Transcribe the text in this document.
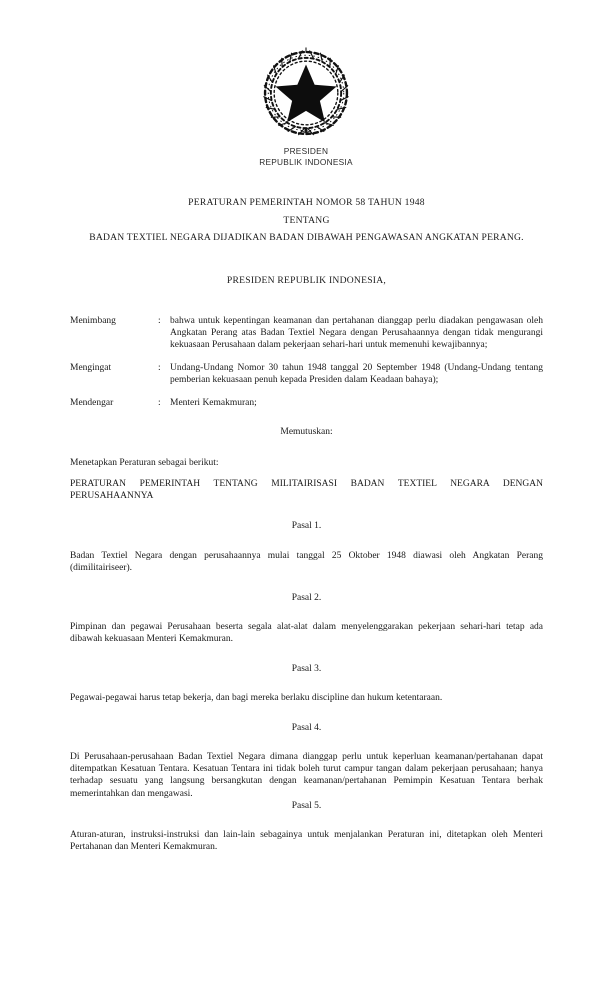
PRESIDEN
REPUBLIK INDONESIA
PERATURAN PEMERINTAH NOMOR 58 TAHUN 1948
TENTANG
BADAN TEXTIEL NEGARA DIJADIKAN BADAN DIBAWAH PENGAWASAN ANGKATAN PERANG.
PRESIDEN REPUBLIK INDONESIA,
Menimbang	: bahwa untuk kepentingan keamanan dan pertahanan dianggap perlu diadakan pengawasan oleh Angkatan Perang atas Badan Textiel Negara dengan Perusahaannya dengan tidak mengurangi kekuasaan Perusahaan dalam pekerjaan sehari-hari untuk memenuhi kewajibannya;
Mengingat	: Undang-Undang Nomor 30 tahun 1948 tanggal 20 September 1948 (Undang-Undang tentang pemberian kekuasaan penuh kepada Presiden dalam Keadaan bahaya);
Mendengar	: Menteri Kemakmuran;
Memutuskan:
Menetapkan Peraturan sebagai berikut:
PERATURAN PEMERINTAH TENTANG MILITAIRISASI BADAN TEXTIEL NEGARA DENGAN PERUSAHAANNYA
Pasal 1.
Badan Textiel Negara dengan perusahaannya mulai tanggal 25 Oktober 1948 diawasi oleh Angkatan Perang (dimilitairiseer).
Pasal 2.
Pimpinan dan pegawai Perusahaan beserta segala alat-alat dalam menyelenggarakan pekerjaan sehari-hari tetap ada dibawah kekuasaan Menteri Kemakmuran.
Pasal 3.
Pegawai-pegawai harus tetap bekerja, dan bagi mereka berlaku discipline dan hukum ketentaraan.
Pasal 4.
Di Perusahaan-perusahaan Badan Textiel Negara dimana dianggap perlu untuk keperluan keamanan/pertahanan dapat ditempatkan Kesatuan Tentara. Kesatuan Tentara ini tidak boleh turut campur tangan dalam pekerjaan perusahaan; hanya terhadap sesuatu yang langsung bersangkutan dengan keamanan/pertahanan Pemimpin Kesatuan Tentara berhak memerintahkan dan mengawasi.
Pasal 5.
Aturan-aturan, instruksi-instruksi dan lain-lain sebagainya untuk menjalankan Peraturan ini, ditetapkan oleh Menteri Pertahanan dan Menteri Kemakmuran.
